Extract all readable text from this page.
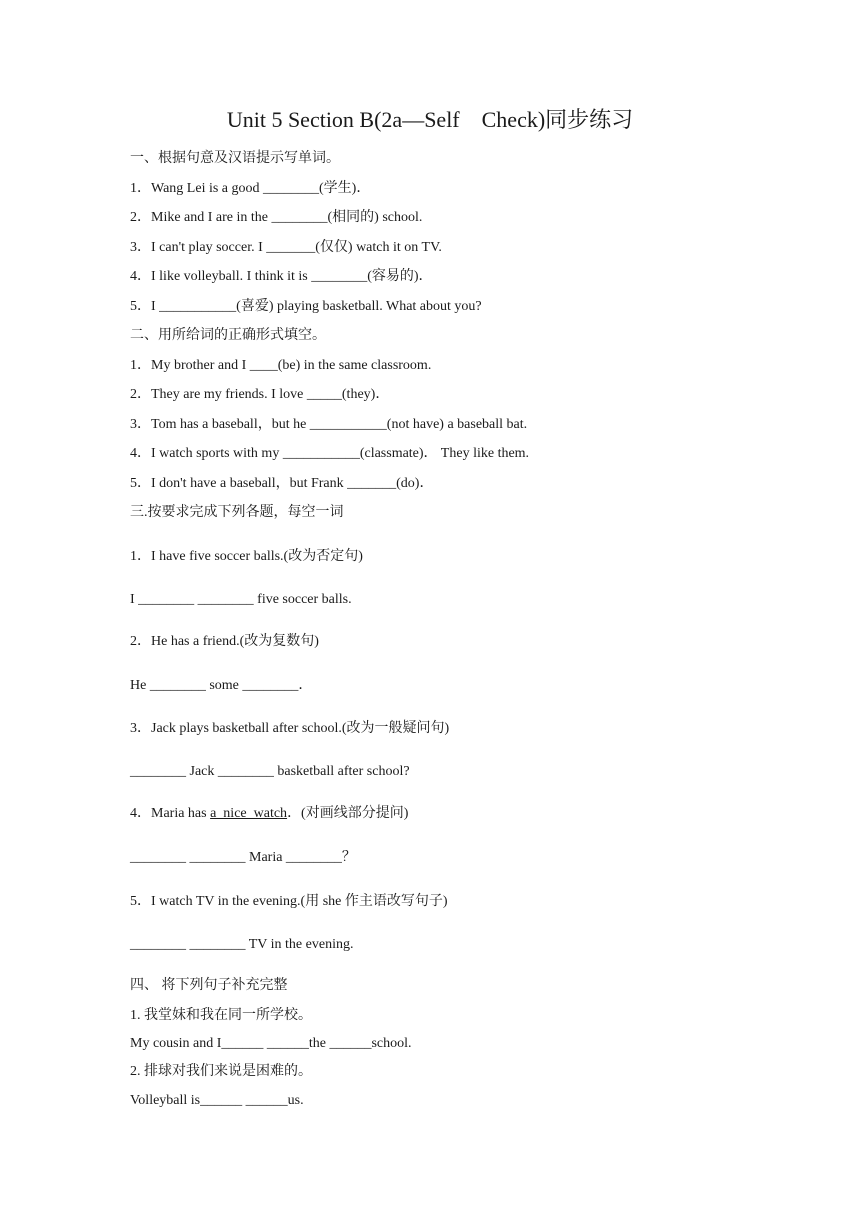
Unit 5 Section B(2a—Self    Check)同步练习
一、根据句意及汉语提示写单词。
1．Wang Lei is a good ________(学生)．
2．Mike and I are in the ________(相同的) school.
3．I can't play soccer. I _______(仅仅) watch it on TV.
4．I like volleyball. I think it is ________(容易的)．
5．I ___________(喜爱) playing basketball. What about you?
二、用所给词的正确形式填空。
1．My brother and I ____(be) in the same classroom.
2．They are my friends. I love _____(they)．
3．Tom has a baseball，but he ___________(not have) a baseball bat.
4．I watch sports with my ___________(classmate)． They like them.
5．I don't have a baseball，but Frank _______(do)．
三.按要求完成下列各题，每空一词
1．I have five soccer balls.(改为否定句)
I ________ ________ five soccer balls.
2．He has a friend.(改为复数句)
He ________ some ________．
3．Jack plays basketball after school.(改为一般疑问句)
________ Jack ________ basketball after school?
4．Maria has a  nice  watch．(对画线部分提问)
________ ________ Maria ________？
5．I watch TV in the evening.(用 she 作主语改写句子)
________ ________ TV in the evening.
四、 将下列句子补充完整
1. 我堂妹和我在同一所学校。
My cousin and I______ ______the ______school.
2. 排球对我们来说是困难的。
Volleyball is______ ______us.
